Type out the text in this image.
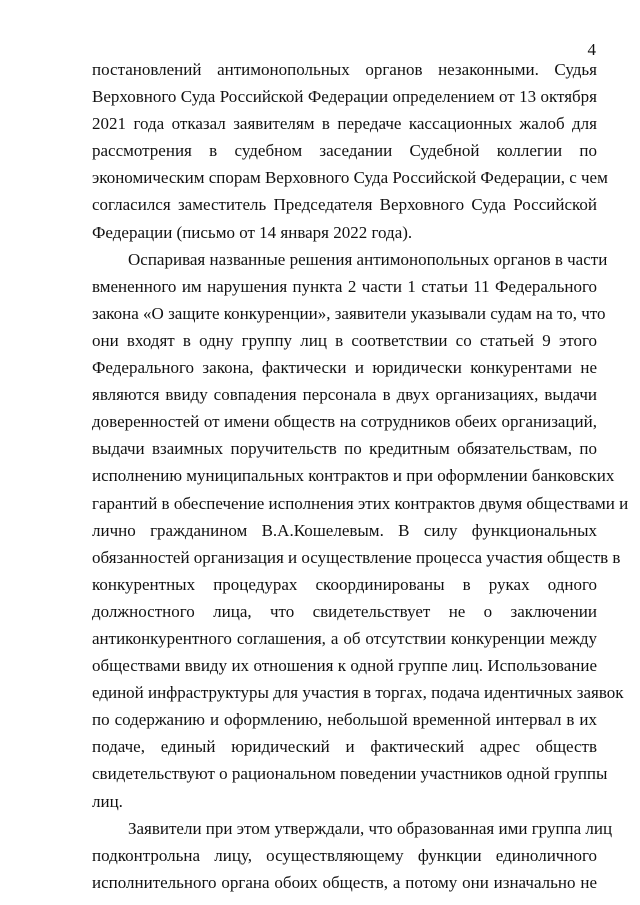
4
постановлений антимонопольных органов незаконными. Судья
Верховного Суда Российской Федерации определением от 13 октября
2021 года отказал заявителям в передаче кассационных жалоб для
рассмотрения в судебном заседании Судебной коллегии по
экономическим спорам Верховного Суда Российской Федерации, с чем
согласился заместитель Председателя Верховного Суда Российской
Федерации (письмо от 14 января 2022 года).
Оспаривая названные решения антимонопольных органов в части
вмененного им нарушения пункта 2 части 1 статьи 11 Федерального
закона «О защите конкуренции», заявители указывали судам на то, что
они входят в одну группу лиц в соответствии со статьей 9 этого
Федерального закона, фактически и юридически конкурентами не
являются ввиду совпадения персонала в двух организациях, выдачи
доверенностей от имени обществ на сотрудников обеих организаций,
выдачи взаимных поручительств по кредитным обязательствам, по
исполнению муниципальных контрактов и при оформлении банковских
гарантий в обеспечение исполнения этих контрактов двумя обществами и
лично гражданином В.А.Кошелевым. В силу функциональных
обязанностей организация и осуществление процесса участия обществ в
конкурентных процедурах скоординированы в руках одного
должностного лица, что свидетельствует не о заключении
антиконкурентного соглашения, а об отсутствии конкуренции между
обществами ввиду их отношения к одной группе лиц. Использование
единой инфраструктуры для участия в торгах, подача идентичных заявок
по содержанию и оформлению, небольшой временной интервал в их
подаче, единый юридический и фактический адрес обществ
свидетельствуют о рациональном поведении участников одной группы
лиц.
Заявители при этом утверждали, что образованная ими группа лиц
подконтрольна лицу, осуществляющему функции единоличного
исполнительного органа обоих обществ, а потому они изначально не
